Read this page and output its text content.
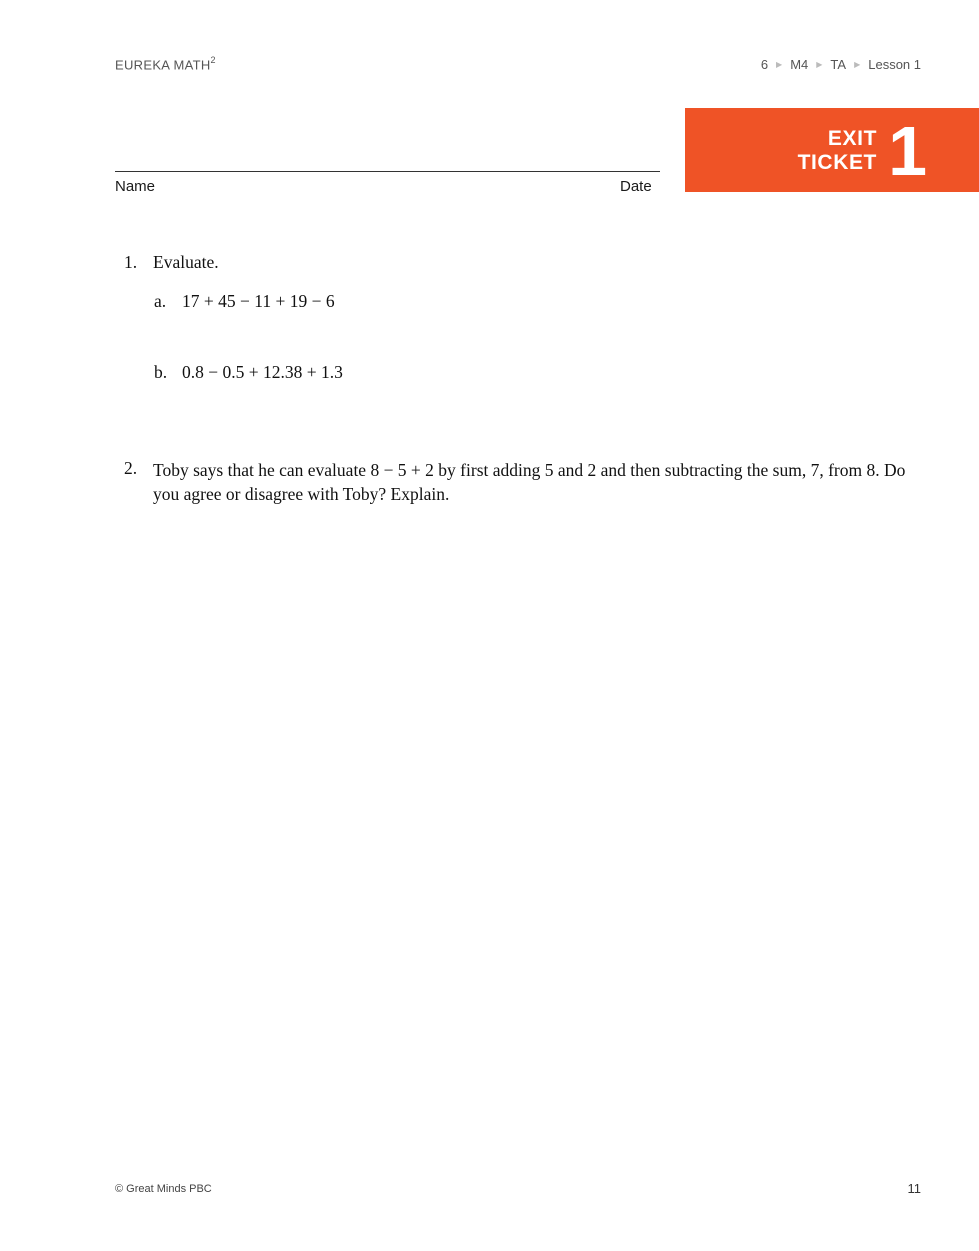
EUREKA MATH$^2$	6 ▶ M4 ▶ TA ▶ Lesson 1
EXIT
TICKET 1
Name	Date
1. Evaluate.
a. 17 + 45 − 11 + 19 − 6
b. 0.8 − 0.5 + 12.38 + 1.3
2. Toby says that he can evaluate 8 − 5 + 2 by first adding 5 and 2 and then subtracting the sum, 7, from 8. Do you agree or disagree with Toby? Explain.
© Great Minds PBC	11
